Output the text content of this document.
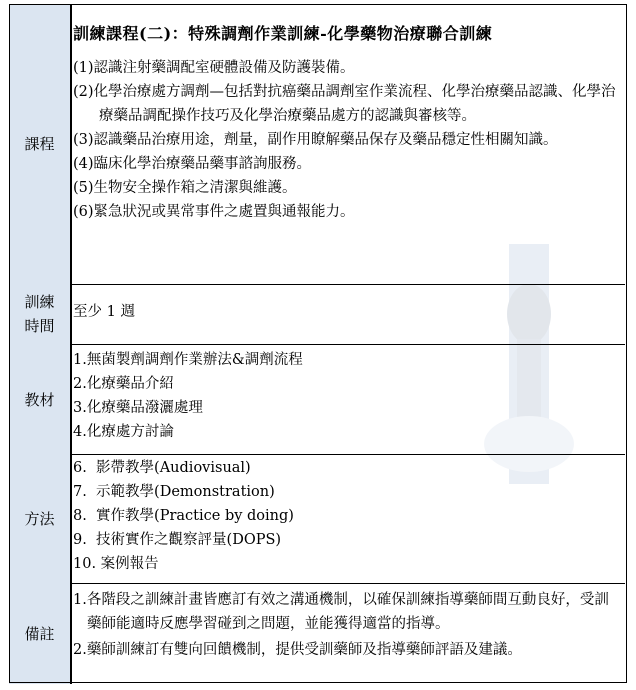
課程
訓練課程(二)：特殊調劑作業訓練-化學藥物治療聯合訓練

(1)認識注射藥調配室硬體設備及防護裝備。

(2)化學治療處方調劑—包括對抗癌藥品調劑室作業流程、化學治療藥品認識、化學治療藥品調配操作技巧及化學治療藥品處方的認識與審核等。

(3)認識藥品治療用途，劑量，副作用瞭解藥品保存及藥品穩定性相關知識。

(4)臨床化學治療藥品藥事諮詢服務。

(5)生物安全操作箱之清潔與維護。

(6)緊急狀況或異常事件之處置與通報能力。

訓練
時間
至少 1 週
教材

1.無菌製劑調劑作業辦法&調劑流程

2.化療藥品介紹

3.化療藥品潑灑處理

4.化療處方討論

方法

6.  影帶教學(Audiovisual)

7.  示範教學(Demonstration)

8.  實作教學(Practice by doing)

9.  技術實作之觀察評量(DOPS)

10. 案例報告

備註

1.各階段之訓練計畫皆應訂有效之溝通機制，以確保訓練指導藥師間互動良好，受訓藥師能適時反應學習碰到之問題，並能獲得適當的指導。

2.藥師訓練訂有雙向回饋機制，提供受訓藥師及指導藥師評語及建議。
